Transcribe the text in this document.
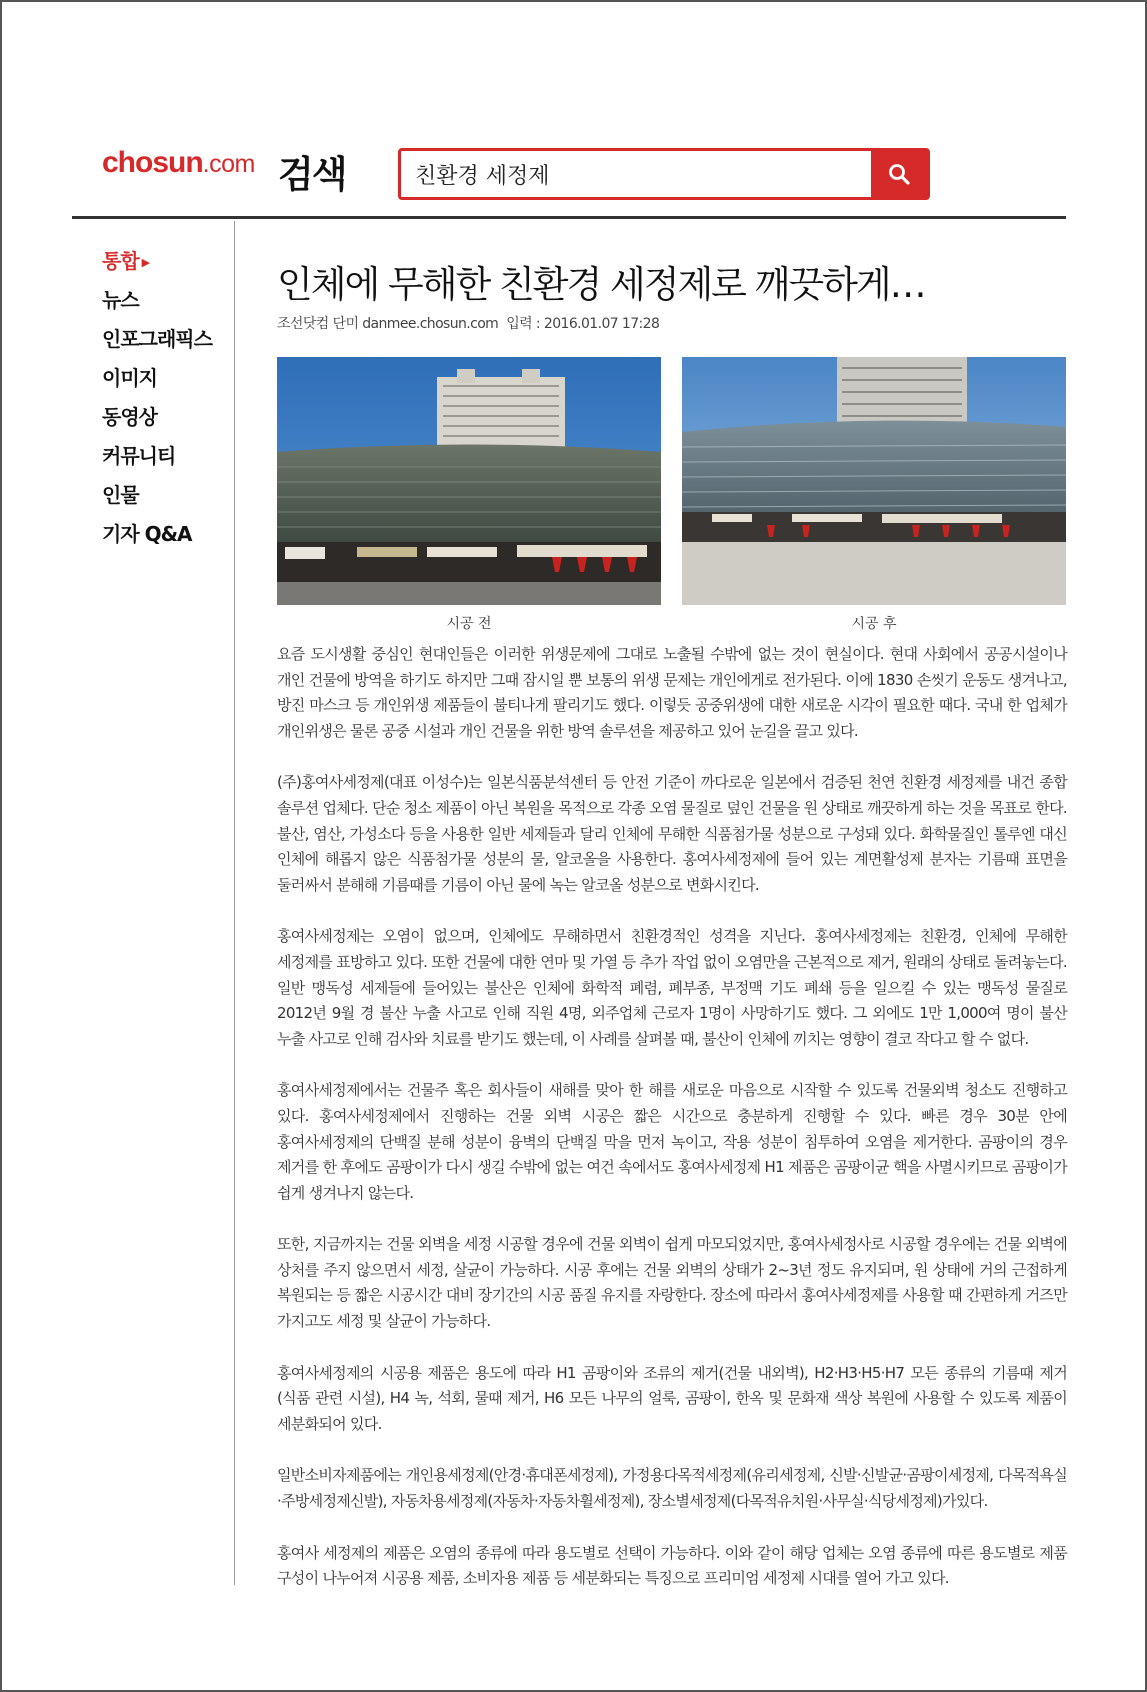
chosun.com 검색
친환경 세정제
통합 ▶
뉴스
인포그래픽스
이미지
동영상
커뮤니티
인물
기자 Q&A
인체에 무해한 친환경 세정제로 깨끗하게…
조선닷컴 단미 danmee.chosun.com 입력 : 2016.01.07 17:28
시공 전	시공 후

요즘 도시생활 중심인 현대인들은 이러한 위생문제에 그대로 노출될 수밖에 없는 것이 현실이다. 현대 사회에서 공공시설이나 개인 건물에 방역을 하기도 하지만 그때 잠시일 뿐 보통의 위생 문제는 개인에게로 전가된다. 이에 1830 손씻기 운동도 생겨나고, 방진 마스크 등 개인위생 제품들이 불티나게 팔리기도 했다. 이렇듯 공중위생에 대한 새로운 시각이 필요한 때다. 국내 한 업체가 개인위생은 물론 공중 시설과 개인 건물을 위한 방역 솔루션을 제공하고 있어 눈길을 끌고 있다.

(주)홍여사세정제(대표 이성수)는 일본식품분석센터 등 안전 기준이 까다로운 일본에서 검증된 천연 친환경 세정제를 내건 종합 솔루션 업체다. 단순 청소 제품이 아닌 복원을 목적으로 각종 오염 물질로 덮인 건물을 원 상태로 깨끗하게 하는 것을 목표로 한다.불산, 염산, 가성소다 등을 사용한 일반 세제들과 달리 인체에 무해한 식품첨가물 성분으로 구성돼 있다. 화학물질인 톨루엔 대신 인체에 해롭지 않은 식품첨가물 성분의 물, 알코올을 사용한다. 홍여사세정제에 들어 있는 계면활성제 분자는 기름때 표면을 둘러싸서 분해해 기름때를 기름이 아닌 물에 녹는 알코올 성분으로 변화시킨다.

홍여사세정제는 오염이 없으며, 인체에도 무해하면서 친환경적인 성격을 지닌다. 홍여사세정제는 친환경, 인체에 무해한 세정제를 표방하고 있다. 또한 건물에 대한 연마 및 가열 등 추가 작업 없이 오염만을 근본적으로 제거, 원래의 상태로 돌려놓는다. 일반 맹독성 세제들에 들어있는 불산은 인체에 화학적 폐렴, 폐부종, 부정맥 기도 폐쇄 등을 일으킬 수 있는 맹독성 물질로 2012년 9월 경 불산 누출 사고로 인해 직원 4명, 외주업체 근로자 1명이 사망하기도 했다. 그 외에도 1만 1,000여 명이 불산 누출 사고로 인해 검사와 치료를 받기도 했는데, 이 사례를 살펴볼 때, 불산이 인체에 끼치는 영향이 결코 작다고 할 수 없다.

홍여사세정제에서는 건물주 혹은 회사들이 새해를 맞아 한 해를 새로운 마음으로 시작할 수 있도록 건물외벽 청소도 진행하고 있다. 홍여사세정제에서 진행하는 건물 외벽 시공은 짧은 시간으로 충분하게 진행할 수 있다. 빠른 경우 30분 안에 홍여사세정제의 단백질 분해 성분이 융벽의 단백질 막을 먼저 녹이고, 작용 성분이 침투하여 오염을 제거한다. 곰팡이의 경우 제거를 한 후에도 곰팡이가 다시 생길 수밖에 없는 여건 속에서도 홍여사세정제 H1 제품은 곰팡이균 핵을 사멸시키므로 곰팡이가 쉽게 생겨나지 않는다.

또한, 지금까지는 건물 외벽을 세정 시공할 경우에 건물 외벽이 쉽게 마모되었지만, 홍여사세정사로 시공할 경우에는 건물 외벽에 상처를 주지 않으면서 세정, 살균이 가능하다. 시공 후에는 건물 외벽의 상태가 2~3년 정도 유지되며, 원 상태에 거의 근접하게 복원되는 등 짧은 시공시간 대비 장기간의 시공 품질 유지를 자랑한다. 장소에 따라서 홍여사세정제를 사용할 때 간편하게 거즈만 가지고도 세정 및 살균이 가능하다.

홍여사세정제의 시공용 제품은 용도에 따라 H1 곰팡이와 조류의 제거(건물 내외벽), H2·H3·H5·H7 모든 종류의 기름때 제거(식품 관련 시설), H4 녹, 석회, 물때 제거, H6 모든 나무의 얼룩, 곰팡이, 한옥 및 문화재 색상 복원에 사용할 수 있도록 제품이 세분화되어 있다.

일반소비자제품에는 개인용세정제(안경·휴대폰세정제), 가정용다목적세정제(유리세정제, 신발·신발균·곰팡이세정제, 다목적욕실·주방세정제신발), 자동차용세정제(자동차·자동차휠세정제), 장소별세정제(다목적유치원·사무실·식당세정제)가있다.

홍여사 세정제의 제품은 오염의 종류에 따라 용도별로 선택이 가능하다. 이와 같이 해당 업체는 오염 종류에 따른 용도별로 제품 구성이 나누어져 시공용 제품, 소비자용 제품 등 세분화되는 특징으로 프리미엄 세정제 시대를 열어 가고 있다.
